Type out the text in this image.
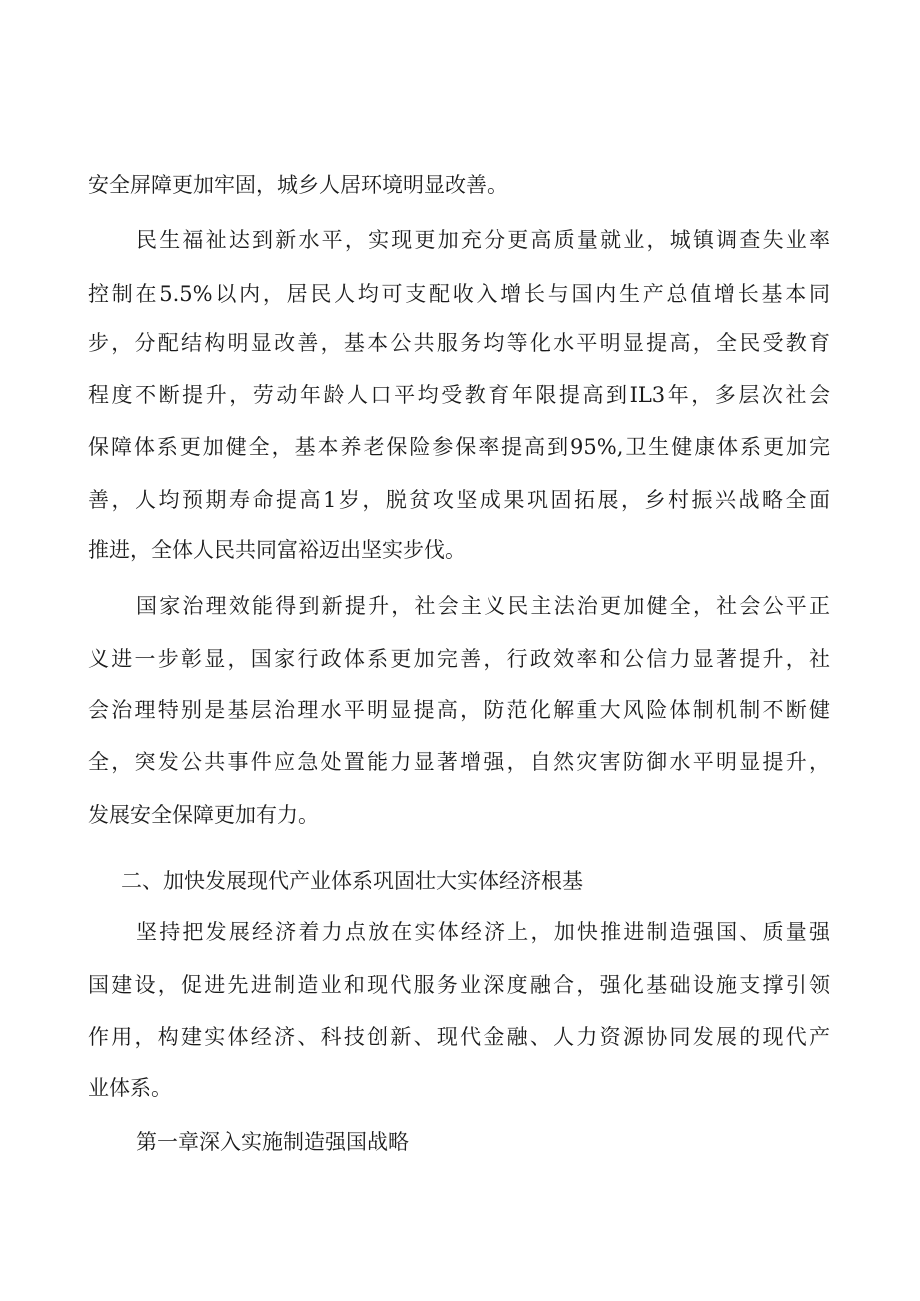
安全屏障更加牢固，城乡人居环境明显改善。
民生福祉达到新水平，实现更加充分更高质量就业，城镇调查失业率
控制在5.5%以内，居民人均可支配收入增长与国内生产总值增长基本同
步，分配结构明显改善，基本公共服务均等化水平明显提高，全民受教育
程度不断提升，劳动年龄人口平均受教育年限提高到IL3年，多层次社会
保障体系更加健全，基本养老保险参保率提高到95%,卫生健康体系更加完
善，人均预期寿命提高1岁，脱贫攻坚成果巩固拓展，乡村振兴战略全面
推进，全体人民共同富裕迈出坚实步伐。
国家治理效能得到新提升，社会主义民主法治更加健全，社会公平正
义进一步彰显，国家行政体系更加完善，行政效率和公信力显著提升，社
会治理特别是基层治理水平明显提高，防范化解重大风险体制机制不断健
全，突发公共事件应急处置能力显著增强，自然灾害防御水平明显提升，
发展安全保障更加有力。
二、加快发展现代产业体系巩固壮大实体经济根基
坚持把发展经济着力点放在实体经济上，加快推进制造强国、质量强
国建设，促进先进制造业和现代服务业深度融合，强化基础设施支撑引领
作用，构建实体经济、科技创新、现代金融、人力资源协同发展的现代产
业体系。
第一章深入实施制造强国战略
